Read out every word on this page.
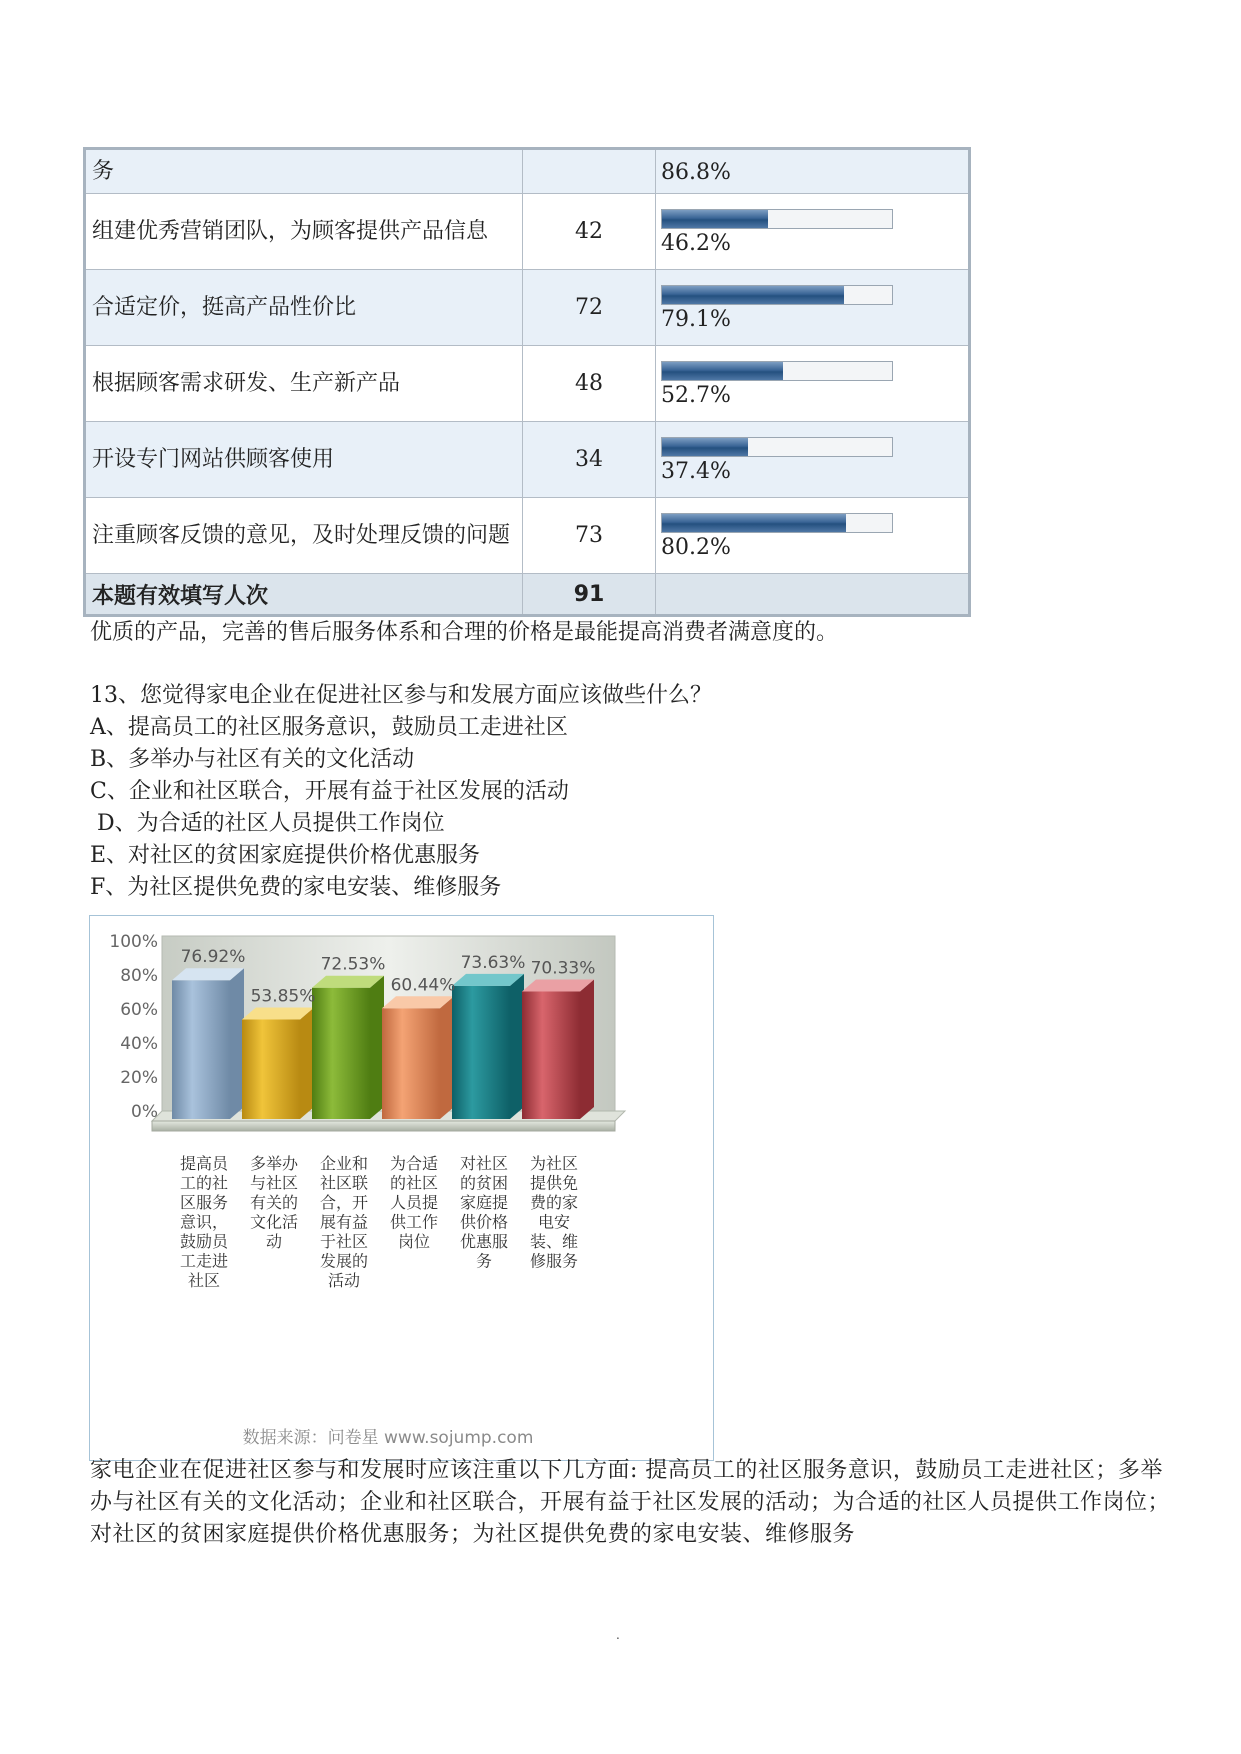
务		86.8%

组建优秀营销团队，为顾客提供产品信息	42	46.2%

合适定价，挺高产品性价比	72	79.1%

根据顾客需求研发、生产新产品	48	52.7%

开设专门网站供顾客使用	34	37.4%

注重顾客反馈的意见，及时处理反馈的问题	73	80.2%

本题有效填写人次	91	
优质的产品，完善的售后服务体系和合理的价格是最能提高消费者满意度的。
13、您觉得家电企业在促进社区参与和发展方面应该做些什么？
A、提高员工的社区服务意识，鼓励员工走进社区
B、多举办与社区有关的文化活动
C、企业和社区联合，开展有益于社区发展的活动
D、为合适的社区人员提供工作岗位
E、对社区的贫困家庭提供价格优惠服务
F、为社区提供免费的家电安装、维修服务
0%
20%
40%
60%
80%
100%
76.92%
53.85%
72.53%
60.44%
73.63% 70.33%
提高员
工的社
区服务
意识，
鼓励员
工走进
社区
多举办
与社区
有关的
文化活
动
企业和
社区联
合，开
展有益
于社区
发展的
活动
为合适
的社区
人员提
供工作
岗位
对社区
的贫困
家庭提
供价格
优惠服
务
为社区
提供免
费的家
电安
装、维
修服务
数据来源：问卷星 www.sojump.com
家电企业在促进社区参与和发展时应该注重以下几方面: 提高员工的社区服务意识，鼓励员工走进社区；多举办与社区有关的文化活动；企业和社区联合，开展有益于社区发展的活动；为合适的社区人员提供工作岗位；对社区的贫困家庭提供价格优惠服务；为社区提供免费的家电安装、维修服务
.
